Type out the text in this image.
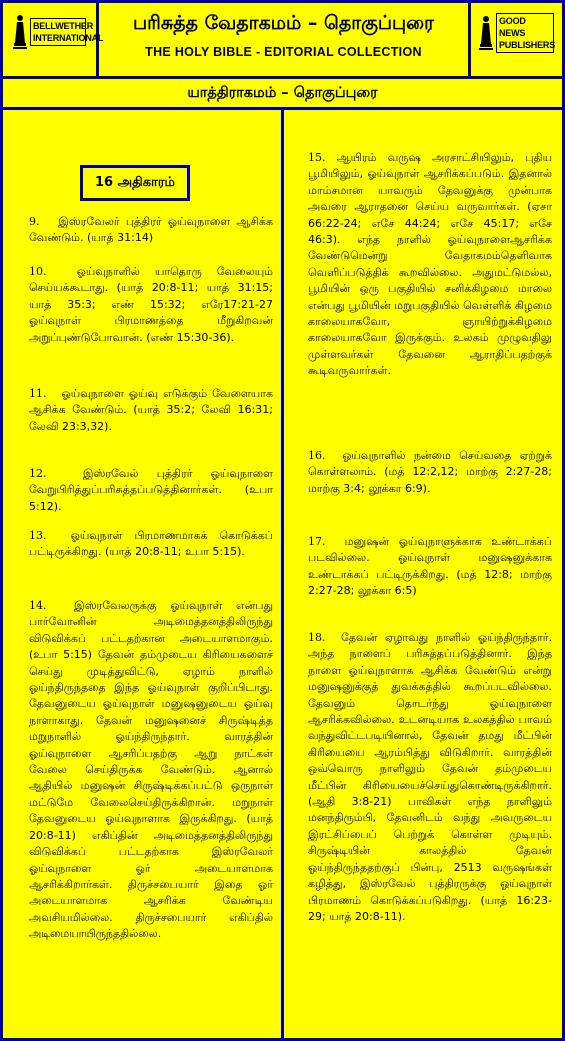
BELLWETHER INTERNATIONAL
பரிசுத்த வேதாகமம் – தொகுப்புரை
THE HOLY BIBLE - EDITORIAL COLLECTION
GOOD NEWS PUBLISHERS
யாத்திராகமம் – தொகுப்புரை
16 அதிகாரம்
9. இஸ்ரவேலர் புத்திரர் ஓய்வுநாளை ஆசிக்க வேண்டும். (யாத் 31:14)
10.	ஓய்வுநாளில் யாதொரு வேலையும் செய்யக்கூடாது. (யாத் 20:8-11; யாத் 31:15; யாத் 35:3; எண் 15:32; எரே17:21-27 ஓய்வுநாள் பிரமாணத்தை மீறுகிறவன் அறுப்புண்டுபோவான். (எண் 15:30-36).
11. ஓய்வுநாளை ஓய்வு எடுக்கும் வேளையாக ஆசிக்க வேண்டும். (யாத் 35:2; லேவி 16:31; லேவி 23:3,32).
12.	இஸ்ரவேல் புத்திரர் ஓய்வுநாளை வேறுபிரித்துப்பரிசுத்தப்படுத்தினார்கள். (உபா 5:12).
13. ஓய்வுநாள் பிரமாணமாகக் கொடுக்கப் பட்டிருக்கிறது. (யாத் 20:8-11; உபா 5:15).
14.	இஸ்ரவேலருக்கு ஓய்வுநாள் என்பது பார்வோனின் அடிமைத்தனத்திலிருந்து விடுவிக்கப் பட்டதற்கான அடையாளமாகும். (உபா 5:15) தேவன் தம்முடைய கிரியைகளைச் செய்து முடித்துவிட்டு, ஏழாம் நாளில் ஓய்ந்திருந்ததை இந்த ஓய்வுநாள் குறிப்பிடாது. தேவனுடைய ஓய்வுநாள் மனுஷனுடைய ஓய்வு நாளாகாது. தேவன் மனுஷனைச் சிருஷ்டித்த மறுநாளில் ஓய்ந்திருந்தார். வாரத்தின் ஓய்வுநாளை ஆசரிப்பதற்கு ஆறு நாட்கள் வேலை செய்திருக்க வேண்டும். ஆனால் ஆதியில் மனுஷன் சிருஷ்டிக்கப்பட்டு ஒருநாள் மட்டுமே வேலைசெய்திருக்கிறான். மறுநாள் தேவனுடைய ஓய்வுநாளாக இருக்கிறது. (யாத் 20:8-11) எகிப்தின் அடிமைத்தனத்திலிருந்து விடுவிக்கப் பட்டதற்காக இஸ்ரவேலர் ஓய்வுநாளை ஓர் அடையாளமாக ஆசரிக்கிறார்கள். திருச்சபையார் இதை ஓர் அடையாளமாக ஆசரிக்க வேண்டிய அவசியமில்லை. திருச்சபையார் எகிப்தில் அடிமையாயிருந்ததில்லை.
15. ஆயிரம் வருஷ அரசாட்சியிலும், புதிய பூமியிலும், ஓய்வுநாள் ஆசரிக்கப்படும். இதனால் மாம்சமான யாவரும் தேவனுக்கு முன்பாக அவரை ஆராதனை செய்ய வருவார்கள். (ஏசா 66:22-24; எசே 44:24; எசே 45:17; எசே 46:3). எந்த நாளில் ஓய்வுநாளைஆசரிக்க வேண்டுமென்று வேதாகமம்தெளிவாக வெளிப்படுத்திக் கூறவில்லை. அதுமட்டுமல்ல, பூமியின் ஒரு பகுதியில் சனிக்கிழமை மாலை என்பது பூமியின் மறுபகுதியில் வெள்ளிக் கிழமை காலையாகவோ, ஞாயிற்றுக்கிழமை காலையாகவோ இருக்கும். உலகம் முழுவதிலு முள்ளவர்கள் தேவனை ஆராதிப்பதற்குக் கூடிவருவார்கள்.
16. ஓய்வுநாளில் நன்மை செய்வதை ஏற்றுக் கொள்ளலாம். (மத் 12:2,12; மாற்கு 2:27-28; மாற்கு 3:4; லூக்கா 6:9).
17. மனுஷன் ஓய்வுநாளுக்காக உண்டாக்கப் படவில்லை. ஓய்வுநாள் மனுஷனுக்காக உண்டாக்கப் பட்டிருக்கிறது. (மத் 12:8; மாற்கு 2:27-28; லூக்கா 6:5)
18. தேவன் ஏழாவது நாளில் ஓய்ந்திருந்தார். அந்த நாளைப் பரிசுத்தப்படுத்தினார். இந்த நாளை ஓய்வுநாளாக ஆசிக்க வேண்டும் என்று மனுஷனுக்குத் துவக்கத்தில் கூறப்படவில்லை. தேவனும் தொடர்ந்து ஓய்வுநாளை ஆசரிக்கவில்லை. உடனடியாக உலகத்தில் பாவம் வந்துவிட்டபடியினால், தேவன் தமது மீட்பின் கிரியையை ஆரம்பித்து விடுகிறார். வாரத்தின் ஒவ்வொரு நாளிலும் தேவன் தம்முடைய மீட்பின் கிரியையைச்செய்துகொண்டிருக்கிறார். (ஆதி 3:8-21) பாவிகள் எந்த நாளிலும் மனந்திரும்பி, தேவனிடம் வந்து அவருடைய இரட்சிப்பைப் பெற்றுக் கொள்ள முடியும். சிருஷ்டியின் காலத்தில் தேவன் ஓய்ந்திருந்ததற்குப் பின்பு, 2513 வருஷங்கள் கழித்து, இஸ்ரவேல் புத்திரருக்கு ஓய்வுநாள் பிரமாணம் கொடுக்கப்படுகிறது. (யாத் 16:23-29; யாத் 20:8-11).
